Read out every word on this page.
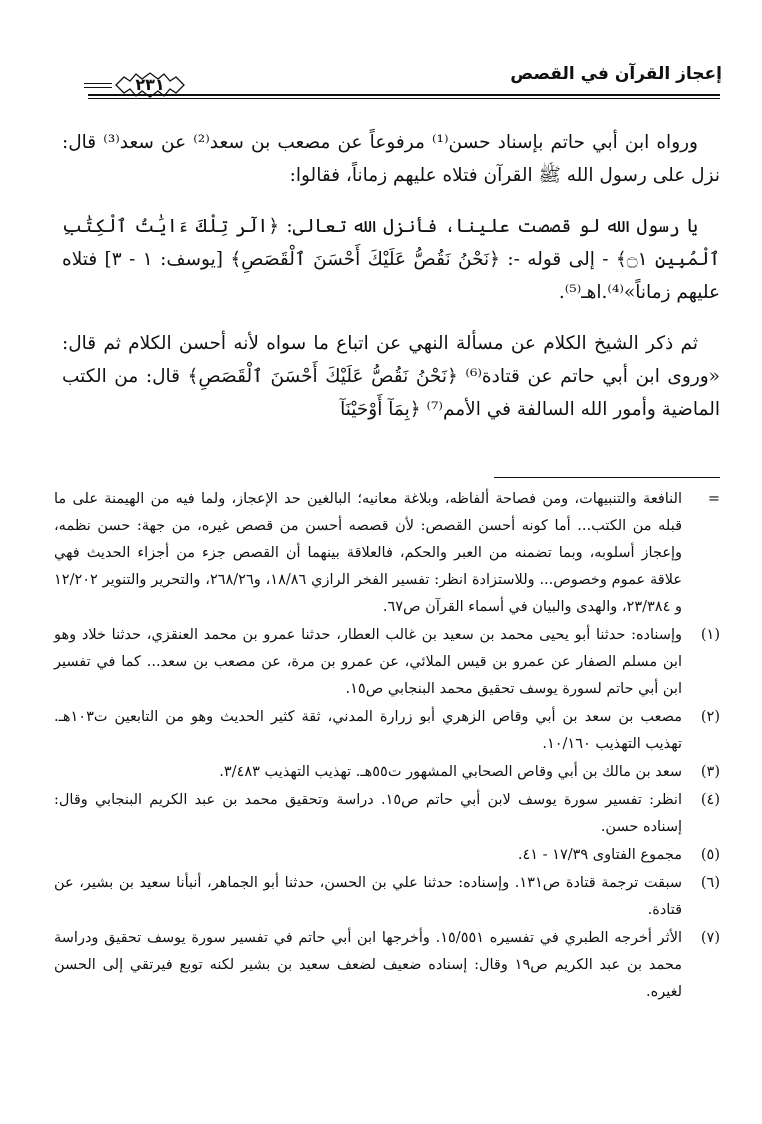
إعجاز القرآن في القصص
٢٣١

ورواه ابن أبي حاتم بإسناد حسن⁽¹⁾ مرفوعاً عن مصعب بن سعد⁽²⁾ عن سعد⁽³⁾ قال: نزل على رسول الله ﷺ القرآن فتلاه عليهم زماناً، فقالوا:

يا رسول الله لو قصصت علينا، فأنزل الله تعالى: ﴿الٓر تِلْكَ ءَايَٰتُ ٱلْكِتَٰبِ ٱلْمُبِينِ ۝١﴾ - إلى قوله -: ﴿نَحْنُ نَقُصُّ عَلَيْكَ أَحْسَنَ ٱلْقَصَصِ﴾ [يوسف: ١ - ٣] فتلاه عليهم زماناً»⁽⁴⁾.اهـ⁽⁵⁾.

ثم ذكر الشيخ الكلام عن مسألة النهي عن اتباع ما سواه لأنه أحسن الكلام ثم قال: «وروى ابن أبي حاتم عن قتادة⁽⁶⁾ ﴿نَحْنُ نَقُصُّ عَلَيْكَ أَحْسَنَ ٱلْقَصَصِ﴾ قال: من الكتب الماضية وأمور الله السالفة في الأمم⁽⁷⁾ ﴿بِمَآ أَوْحَيْنَآ

=
النافعة والتنبيهات، ومن فصاحة ألفاظه، وبلاغة معانيه؛ البالغين حد الإعجاز، ولما فيه من الهيمنة على ما قبله من الكتب... أما كونه أحسن القصص: لأن قصصه أحسن من قصص غيره، من جهة: حسن نظمه، وإعجاز أسلوبه، وبما تضمنه من العبر والحكم، فالعلاقة بينهما أن القصص جزء من أجزاء الحديث فهي علاقة عموم وخصوص... وللاستزادة انظر: تفسير الفخر الرازي ١٨/٨٦، و٢٦٨/٢٦، والتحرير والتنوير ١٢/٢٠٢ و ٢٣/٣٨٤، والهدى والبيان في أسماء القرآن ص٦٧.
(١)
وإسناده: حدثنا أبو يحيى محمد بن سعيد بن غالب العطار، حدثنا عمرو بن محمد العنقزي، حدثنا خلاد وهو ابن مسلم الصفار عن عمرو بن قيس الملائي، عن عمرو بن مرة، عن مصعب بن سعد... كما في تفسير ابن أبي حاتم لسورة يوسف تحقيق محمد البنجابي ص١٥.
(٢)
مصعب بن سعد بن أبي وقاص الزهري أبو زرارة المدني، ثقة كثير الحديث وهو من التابعين ت١٠٣هـ. تهذيب التهذيب ١٠/١٦٠.
(٣)
سعد بن مالك بن أبي وقاص الصحابي المشهور ت٥٥هـ. تهذيب التهذيب ٣/٤٨٣.
(٤)
انظر: تفسير سورة يوسف لابن أبي حاتم ص١٥. دراسة وتحقيق محمد بن عبد الكريم البنجابي وقال: إسناده حسن.
(٥)
مجموع الفتاوى ١٧/٣٩ - ٤١.
(٦)
سبقت ترجمة قتادة ص١٣١. وإسناده: حدثنا علي بن الحسن، حدثنا أبو الجماهر، أنبأنا سعيد بن بشير، عن قتادة.
(٧)
الأثر أخرجه الطبري في تفسيره ١٥/٥٥١. وأخرجها ابن أبي حاتم في تفسير سورة يوسف تحقيق ودراسة محمد بن عبد الكريم ص١٩ وقال: إسناده ضعيف لضعف سعيد بن بشير لكنه توبع فيرتقي إلى الحسن لغيره.
